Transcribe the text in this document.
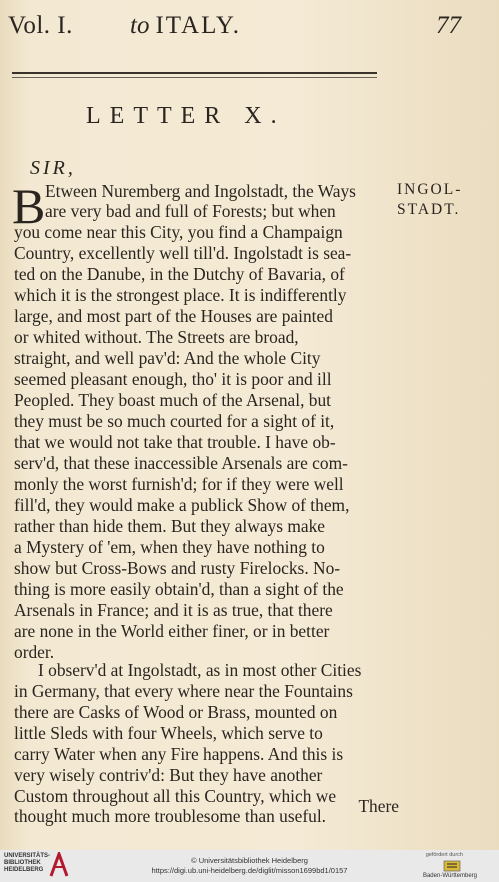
Vol. I. to ITALY.	77
LETTER X.
SIR,
INGOL-
STADT.
B Etween Nuremberg and Ingolstadt, the Ways
are very bad and full of Forests; but when
you come near this City, you find a Champaign
Country, excellently well till'd. Ingolstadt is sea-
ted on the Danube, in the Dutchy of Bavaria, of
which it is the strongest place. It is indifferently
large, and most part of the Houses are painted
or whited without. The Streets are broad,
straight, and well pav'd: And the whole City
seemed pleasant enough, tho' it is poor and ill
Peopled. They boast much of the Arsenal, but
they must be so much courted for a sight of it,
that we would not take that trouble. I have ob-
serv'd, that these inaccessible Arsenals are com-
monly the worst furnish'd; for if they were well
fill'd, they would make a publick Show of them,
rather than hide them. But they always make
a Mystery of 'em, when they have nothing to
show but Cross-Bows and rusty Firelocks. No-
thing is more easily obtain'd, than a sight of the
Arsenals in France; and it is as true, that there
are none in the World either finer, or in better
order.
I observ'd at Ingolstadt, as in most other Cities
in Germany, that every where near the Fountains
there are Casks of Wood or Brass, mounted on
little Sleds with four Wheels, which serve to
carry Water when any Fire happens. And this is
very wisely contriv'd: But they have another
Custom throughout all this Country, which we
thought much more troublesome than useful. There
UNIVERSITÄTS-
BIBLIOTHEK
HEIDELBERG
© Universitätsbibliothek Heidelberg
https://digi.ub.uni-heidelberg.de/diglit/misson1699bd1/0157
gefördert durch
Baden-Württemberg
